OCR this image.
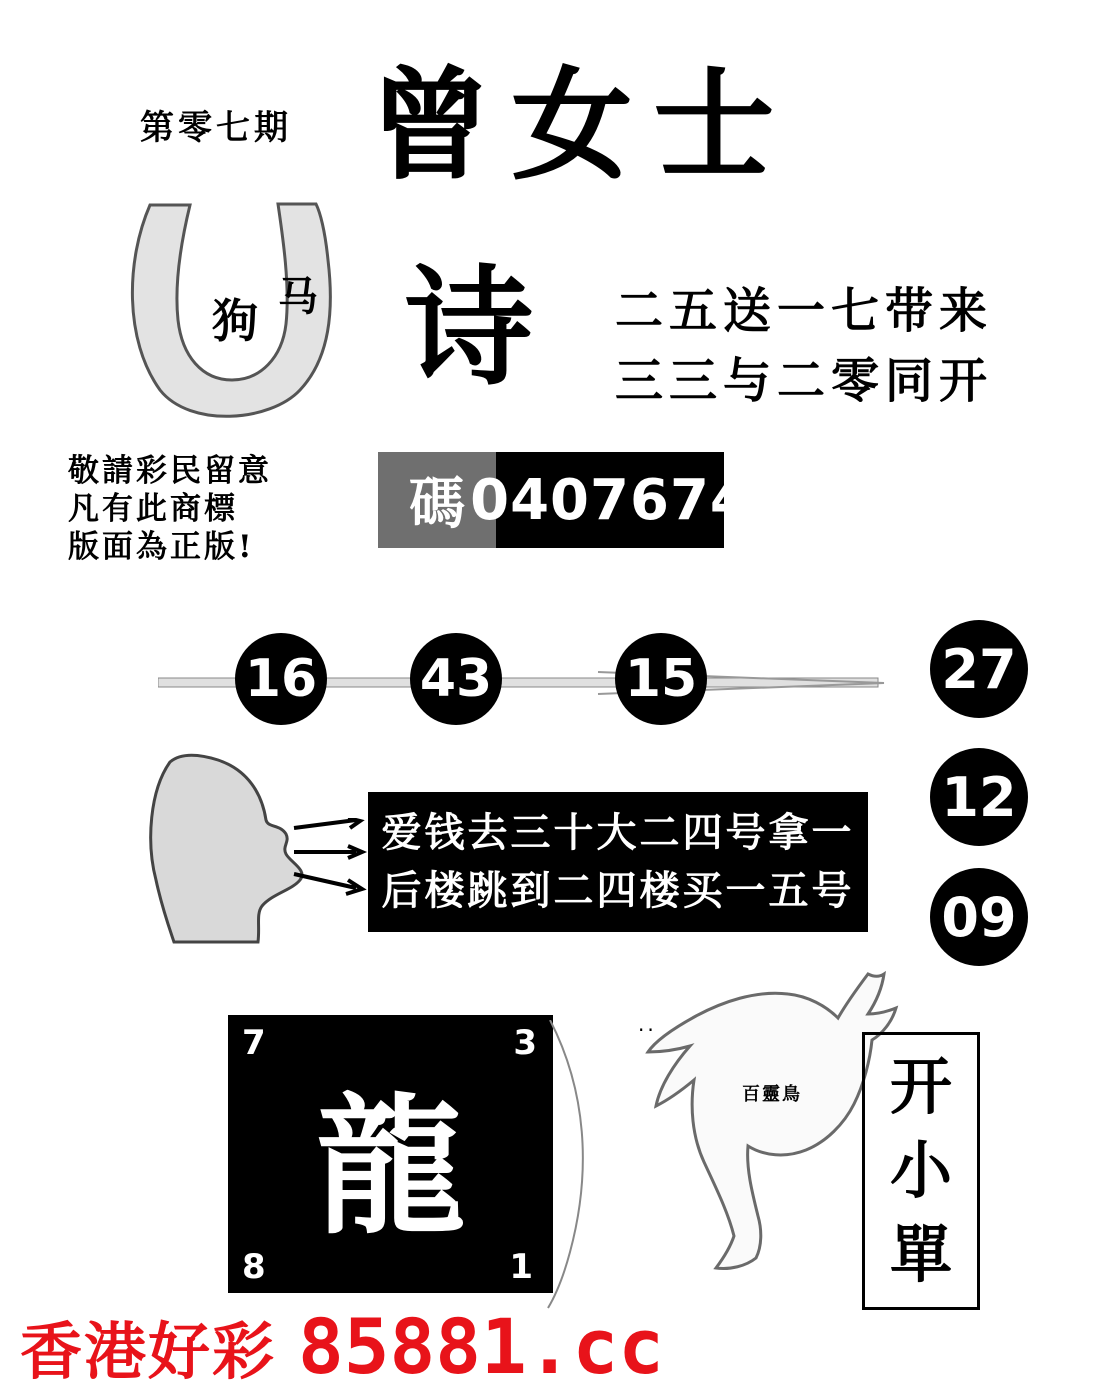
第零七期 曾女士
狗 马 诗 二五送一七带来
三三与二零同开
敬請彩民留意
凡有此商標
版面為正版!
碼 0407674
16 43	15	27
12
09
爱钱去三十大二四号拿一
后楼跳到二四楼买一五号
7	3
8	1
龍
..
百靈鳥 开
小
單
香港好彩 85881.cc
